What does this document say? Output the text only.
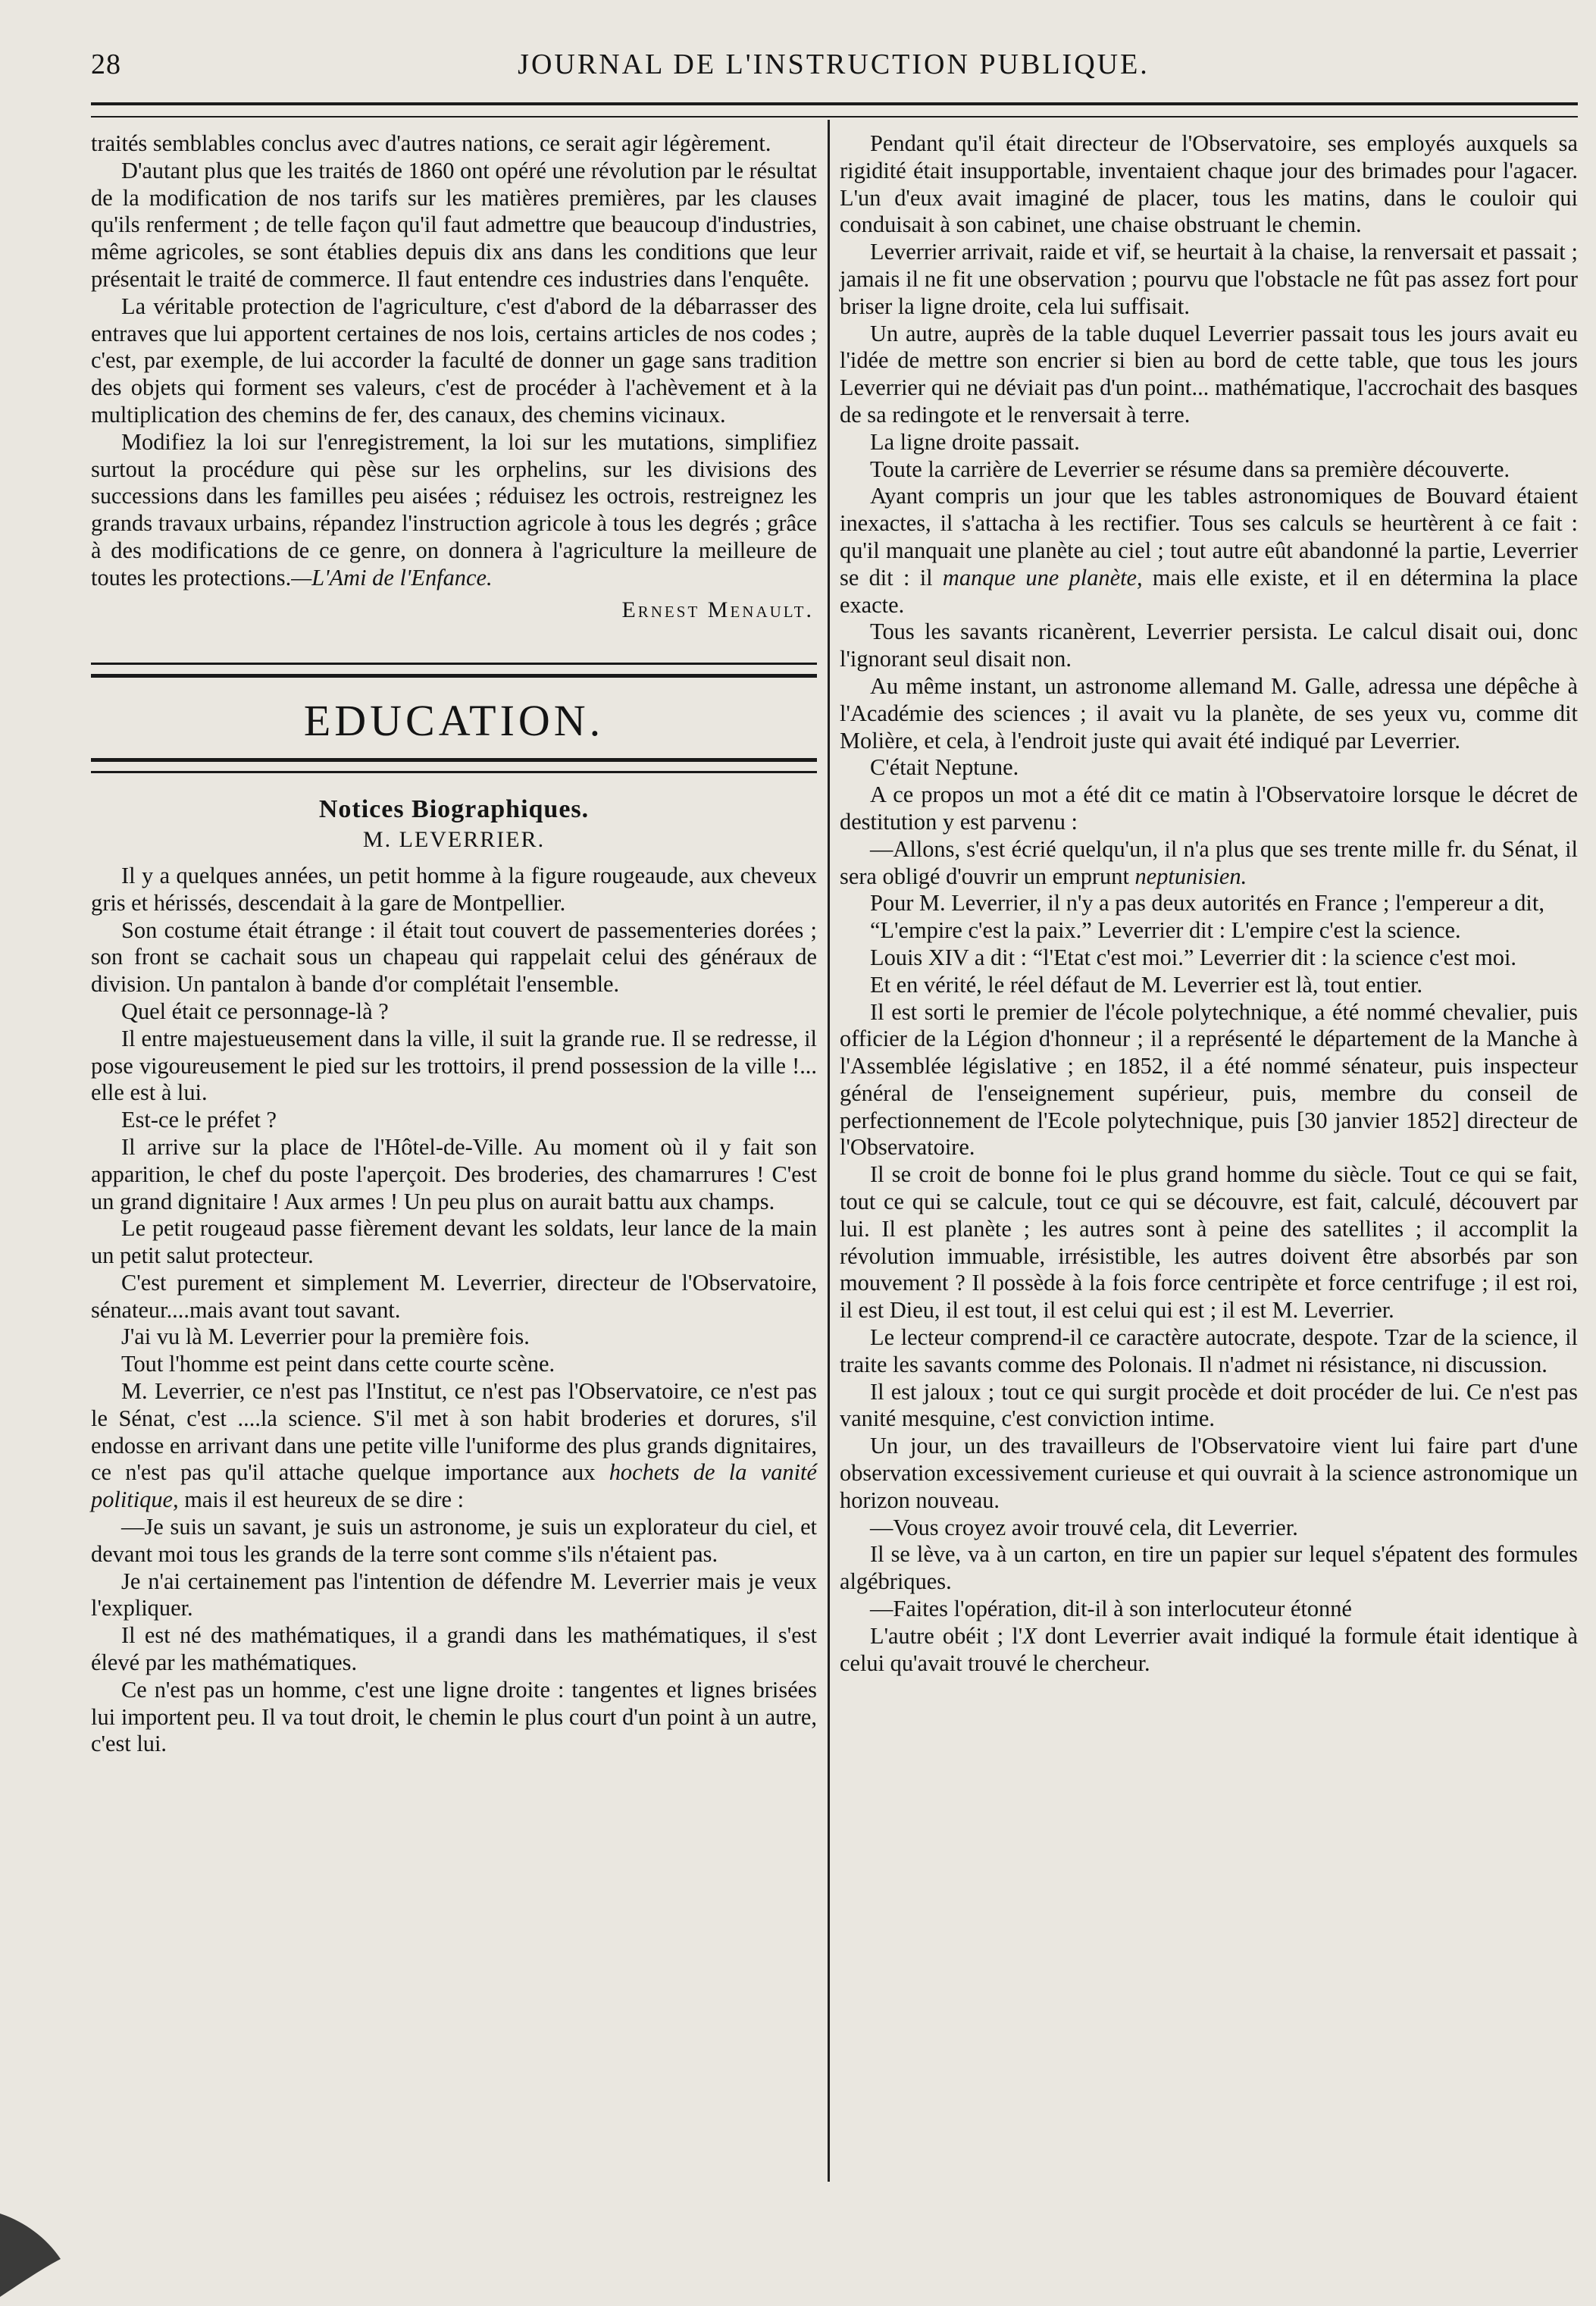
28	JOURNAL DE L'INSTRUCTION PUBLIQUE.

traités semblables conclus avec d'autres nations, ce serait agir légèrement.

D'autant plus que les traités de 1860 ont opéré une révolution par le résultat de la modification de nos tarifs sur les matières premières, par les clauses qu'ils renferment ; de telle façon qu'il faut admettre que beaucoup d'industries, même agricoles, se sont établies depuis dix ans dans les conditions que leur présentait le traité de commerce. Il faut entendre ces industries dans l'enquête.

La véritable protection de l'agriculture, c'est d'abord de la débarrasser des entraves que lui apportent certaines de nos lois, certains articles de nos codes ; c'est, par exemple, de lui accorder la faculté de donner un gage sans tradition des objets qui forment ses valeurs, c'est de procéder à l'achèvement et à la multiplication des chemins de fer, des canaux, des chemins vicinaux.

Modifiez la loi sur l'enregistrement, la loi sur les mutations, simplifiez surtout la procédure qui pèse sur les orphelins, sur les divisions des successions dans les familles peu aisées ; réduisez les octrois, restreignez les grands travaux urbains, répandez l'instruction agricole à tous les degrés ; grâce à des modifications de ce genre, on donnera à l'agriculture la meilleure de toutes les protections.—L'Ami de l'Enfance.

Ernest Menault.
EDUCATION.
Notices Biographiques.
M. LEVERRIER.

Il y a quelques années, un petit homme à la figure rougeaude, aux cheveux gris et hérissés, descendait à la gare de Montpellier.

Son costume était étrange : il était tout couvert de passementeries dorées ; son front se cachait sous un chapeau qui rappelait celui des généraux de division. Un pantalon à bande d'or complétait l'ensemble.

Quel était ce personnage-là ?

Il entre majestueusement dans la ville, il suit la grande rue. Il se redresse, il pose vigoureusement le pied sur les trottoirs, il prend possession de la ville !... elle est à lui.

Est-ce le préfet ?

Il arrive sur la place de l'Hôtel-de-Ville. Au moment où il y fait son apparition, le chef du poste l'aperçoit. Des broderies, des chamarrures ! C'est un grand dignitaire ! Aux armes ! Un peu plus on aurait battu aux champs.

Le petit rougeaud passe fièrement devant les soldats, leur lance de la main un petit salut protecteur.

C'est purement et simplement M. Leverrier, directeur de l'Observatoire, sénateur....mais avant tout savant.

J'ai vu là M. Leverrier pour la première fois.

Tout l'homme est peint dans cette courte scène.

M. Leverrier, ce n'est pas l'Institut, ce n'est pas l'Observatoire, ce n'est pas le Sénat, c'est ....la science. S'il met à son habit broderies et dorures, s'il endosse en arrivant dans une petite ville l'uniforme des plus grands dignitaires, ce n'est pas qu'il attache quelque importance aux hochets de la vanité politique, mais il est heureux de se dire :

—Je suis un savant, je suis un astronome, je suis un explorateur du ciel, et devant moi tous les grands de la terre sont comme s'ils n'étaient pas.

Je n'ai certainement pas l'intention de défendre M. Leverrier mais je veux l'expliquer.

Il est né des mathématiques, il a grandi dans les mathématiques, il s'est élevé par les mathématiques.

Ce n'est pas un homme, c'est une ligne droite : tangentes et lignes brisées lui importent peu. Il va tout droit, le chemin le plus court d'un point à un autre, c'est lui.

Pendant qu'il était directeur de l'Observatoire, ses employés auxquels sa rigidité était insupportable, inventaient chaque jour des brimades pour l'agacer. L'un d'eux avait imaginé de placer, tous les matins, dans le couloir qui conduisait à son cabinet, une chaise obstruant le chemin.

Leverrier arrivait, raide et vif, se heurtait à la chaise, la renversait et passait ; jamais il ne fit une observation ; pourvu que l'obstacle ne fût pas assez fort pour briser la ligne droite, cela lui suffisait.

Un autre, auprès de la table duquel Leverrier passait tous les jours avait eu l'idée de mettre son encrier si bien au bord de cette table, que tous les jours Leverrier qui ne déviait pas d'un point... mathématique, l'accrochait des basques de sa redingote et le renversait à terre.

La ligne droite passait.

Toute la carrière de Leverrier se résume dans sa première découverte.

Ayant compris un jour que les tables astronomiques de Bouvard étaient inexactes, il s'attacha à les rectifier. Tous ses calculs se heurtèrent à ce fait : qu'il manquait une planète au ciel ; tout autre eût abandonné la partie, Leverrier se dit : il manque une planète, mais elle existe, et il en détermina la place exacte.

Tous les savants ricanèrent, Leverrier persista. Le calcul disait oui, donc l'ignorant seul disait non.

Au même instant, un astronome allemand M. Galle, adressa une dépêche à l'Académie des sciences ; il avait vu la planète, de ses yeux vu, comme dit Molière, et cela, à l'endroit juste qui avait été indiqué par Leverrier.

C'était Neptune.

A ce propos un mot a été dit ce matin à l'Observatoire lorsque le décret de destitution y est parvenu :

—Allons, s'est écrié quelqu'un, il n'a plus que ses trente mille fr. du Sénat, il sera obligé d'ouvrir un emprunt neptunisien.

Pour M. Leverrier, il n'y a pas deux autorités en France ; l'empereur a dit,

“L'empire c'est la paix.” Leverrier dit : L'empire c'est la science.

Louis XIV a dit : “l'Etat c'est moi.” Leverrier dit : la science c'est moi.

Et en vérité, le réel défaut de M. Leverrier est là, tout entier.

Il est sorti le premier de l'école polytechnique, a été nommé chevalier, puis officier de la Légion d'honneur ; il a représenté le département de la Manche à l'Assemblée législative ; en 1852, il a été nommé sénateur, puis inspecteur général de l'enseignement supérieur, puis, membre du conseil de perfectionnement de l'Ecole polytechnique, puis [30 janvier 1852] directeur de l'Observatoire.

Il se croit de bonne foi le plus grand homme du siècle. Tout ce qui se fait, tout ce qui se calcule, tout ce qui se découvre, est fait, calculé, découvert par lui. Il est planète ; les autres sont à peine des satellites ; il accomplit la révolution immuable, irrésistible, les autres doivent être absorbés par son mouvement ? Il possède à la fois force centripète et force centrifuge ; il est roi, il est Dieu, il est tout, il est celui qui est ; il est M. Leverrier.

Le lecteur comprend-il ce caractère autocrate, despote. Tzar de la science, il traite les savants comme des Polonais. Il n'admet ni résistance, ni discussion.

Il est jaloux ; tout ce qui surgit procède et doit procéder de lui. Ce n'est pas vanité mesquine, c'est conviction intime.

Un jour, un des travailleurs de l'Observatoire vient lui faire part d'une observation excessivement curieuse et qui ouvrait à la science astronomique un horizon nouveau.

—Vous croyez avoir trouvé cela, dit Leverrier.

Il se lève, va à un carton, en tire un papier sur lequel s'épatent des formules algébriques.

—Faites l'opération, dit-il à son interlocuteur étonné

L'autre obéit ; l'X dont Leverrier avait indiqué la formule était identique à celui qu'avait trouvé le chercheur.
